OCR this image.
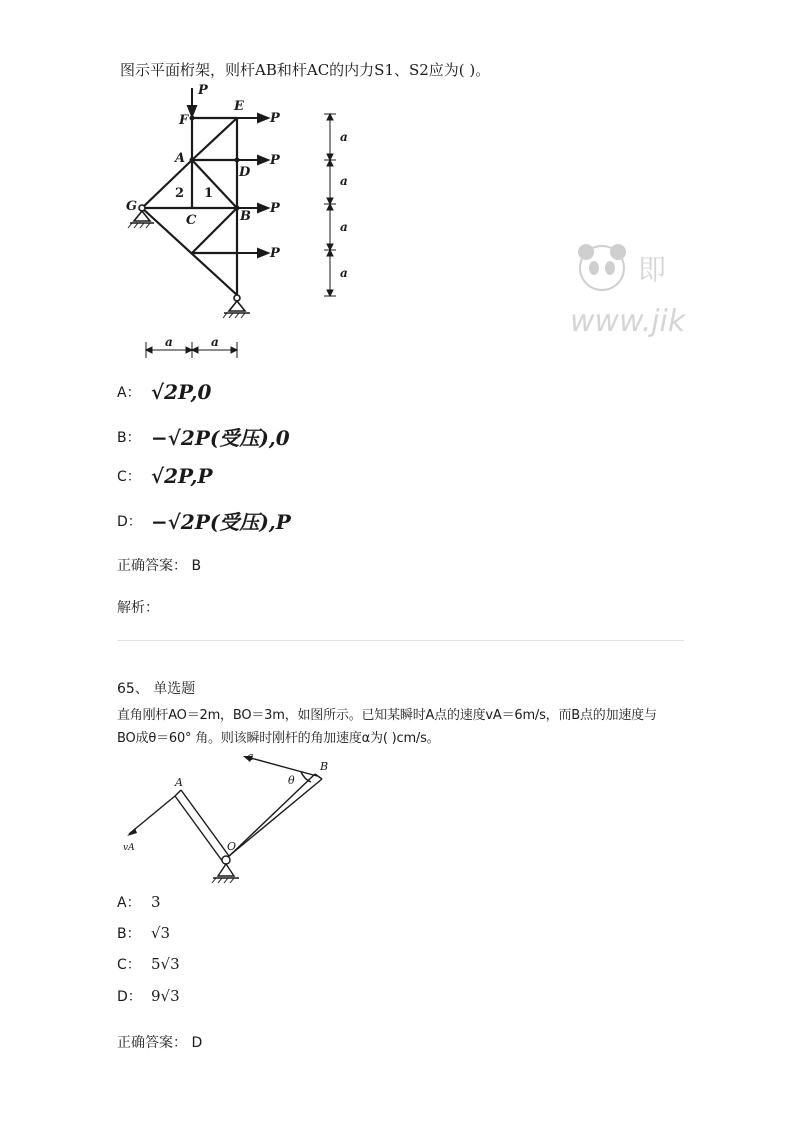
图示平面桁架，则杆AB和杆AC的内力S1、S2应为( )。
P
P
P
P
P
F
E
A
D
G
C	B
2 1
a	a
a
a
a
a	即
www.jik
A： √2P,0
B： −√2P(受压),0
C： √2P,P
D： −√2P(受压),P
正确答案： B
解析：
65、 单选题
直角刚杆AO＝2m，BO＝3m，如图所示。已知某瞬时A点的速度vA＝6m/s，而B点的加速度与
BO成θ＝60° 角。则该瞬时刚杆的角加速度α为( )cm/s。
a
B
θ
A
O
vA
A： 3
B： √3
C： 5√3
D： 9√3
正确答案： D
